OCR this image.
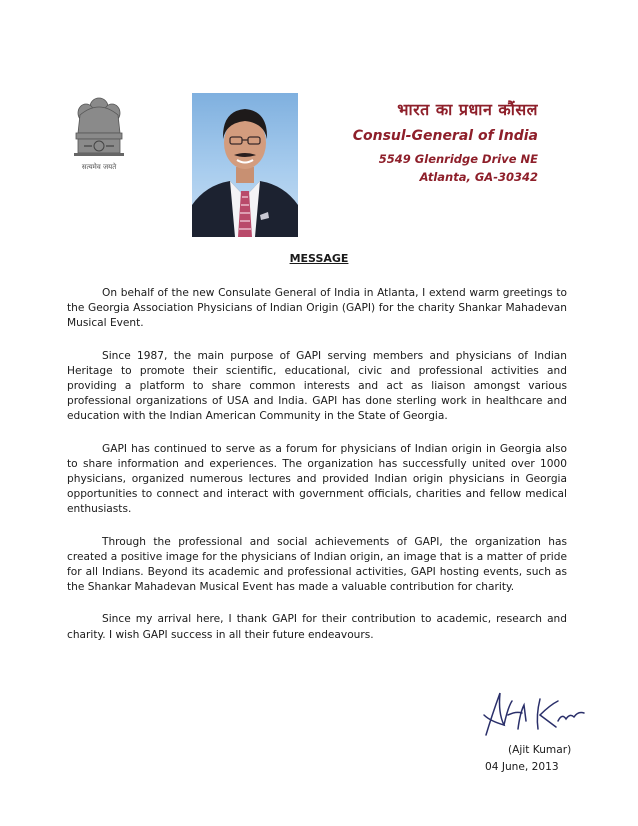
सत्यमेव जयते
भारत का प्रधान कौंसल
Consul-General of India
5549 Glenridge Drive NE
Atlanta, GA-30342
MESSAGE

On behalf of the new Consulate General of India in Atlanta, I extend warm greetings to the Georgia Association Physicians of Indian Origin (GAPI) for the charity Shankar Mahadevan Musical Event.

Since 1987, the main purpose of GAPI serving members and physicians of Indian Heritage to promote their scientific, educational, civic and professional activities and providing a platform to share common interests and act as liaison amongst various professional organizations of USA and India. GAPI has done sterling work in healthcare and education with the Indian American Community in the State of Georgia.

GAPI has continued to serve as a forum for physicians of Indian origin in Georgia also to share information and experiences. The organization has successfully united over 1000 physicians, organized numerous lectures and provided Indian origin physicians in Georgia opportunities to connect and interact with government officials, charities and fellow medical enthusiasts.

Through the professional and social achievements of GAPI, the organization has created a positive image for the physicians of Indian origin, an image that is a matter of pride for all Indians. Beyond its academic and professional activities, GAPI hosting events, such as the Shankar Mahadevan Musical Event has made a valuable contribution for charity.

Since my arrival here, I thank GAPI for their contribution to academic, research and charity. I wish GAPI success in all their future endeavours.

(Ajit Kumar)
04 June, 2013
